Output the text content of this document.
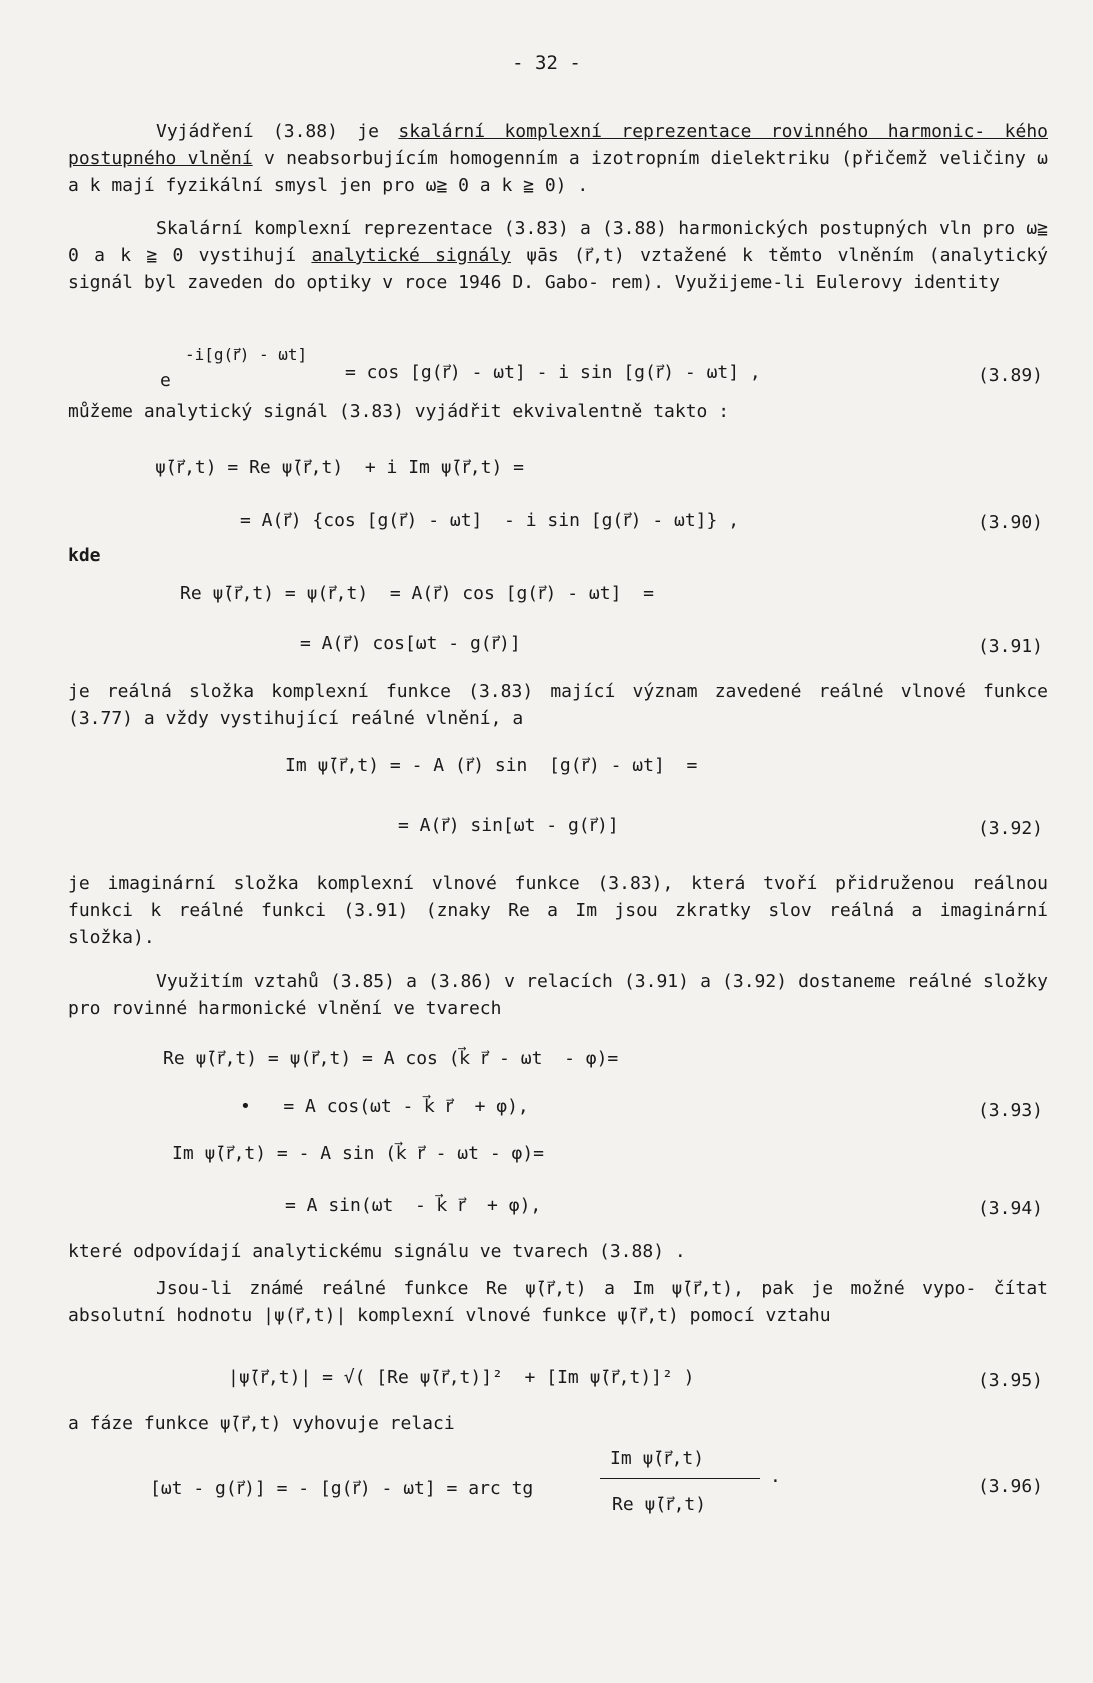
- 32 -

Vyjádření (3.88) je skalární komplexní reprezentace rovinného harmonic- kého postupného vlnění v neabsorbujícím homogenním a izotropním dielektriku (přičemž veličiny ω a k mají fyzikální smysl jen pro ω≧ 0 a k ≧ 0) .

Skalární komplexní reprezentace (3.83) a (3.88) harmonických postupných vln pro ω≧ 0 a k ≧ 0 vystihují analytické signály ψ̄as (r⃗,t) vztažené k těmto vlněním (analytický signál byl zaveden do optiky v roce 1946 D. Gabo- rem). Využijeme-li Eulerovy identity

-i[g(r⃗) - ωt]
e	= cos [g(r⃗) - ωt] - i sin [g(r⃗) - ωt] ,	(3.89)

můžeme analytický signál (3.83) vyjádřit ekvivalentně takto :

ψ̄(r⃗,t) = Re ψ̄(r⃗,t)  + i Im ψ̄(r⃗,t) =
= A(r⃗) {cos [g(r⃗) - ωt]  - i sin [g(r⃗) - ωt]} ,	(3.90)
kde
Re ψ̄(r⃗,t) = ψ(r⃗,t)  = A(r⃗) cos [g(r⃗) - ωt]  =
= A(r⃗) cos[ωt - g(r⃗)]	(3.91)

je reálná složka komplexní funkce (3.83) mající význam zavedené reálné vlnové funkce (3.77) a vždy vystihující reálné vlnění, a

Im ψ̄(r⃗,t) = - A (r⃗) sin  [g(r⃗) - ωt]  =
= A(r⃗) sin[ωt - g(r⃗)]	(3.92)

je imaginární složka komplexní vlnové funkce (3.83), která tvoří přidruženou reálnou funkci k reálné funkci (3.91) (znaky Re a Im jsou zkratky slov reálná a imaginární složka).

Využitím vztahů (3.85) a (3.86) v relacích (3.91) a (3.92) dostaneme reálné složky pro rovinné harmonické vlnění ve tvarech

Re ψ̄(r⃗,t) = ψ(r⃗,t) = A cos (k⃗ r⃗ - ωt  - φ)=
•   = A cos(ωt - k⃗ r⃗  + φ),	(3.93)
Im ψ̄(r⃗,t) = - A sin (k⃗ r⃗ - ωt - φ)=
= A sin(ωt  - k⃗ r⃗  + φ),	(3.94)

které odpovídají analytickému signálu ve tvarech (3.88) .

Jsou-li známé reálné funkce Re ψ̄(r⃗,t) a Im ψ̄(r⃗,t), pak je možné vypo- čítat absolutní hodnotu |ψ(r⃗,t)| komplexní vlnové funkce ψ̄(r⃗,t) pomocí vztahu

|ψ̄(r⃗,t)| = √( [Re ψ̄(r⃗,t)]²  + [Im ψ̄(r⃗,t)]² )	(3.95)

a fáze funkce ψ̄(r⃗,t) vyhovuje relaci

[ωt - g(r⃗)] = - [g(r⃗) - ωt] = arc tg
Im ψ̄(r⃗,t)
Re ψ̄(r⃗,t)
.	(3.96)
